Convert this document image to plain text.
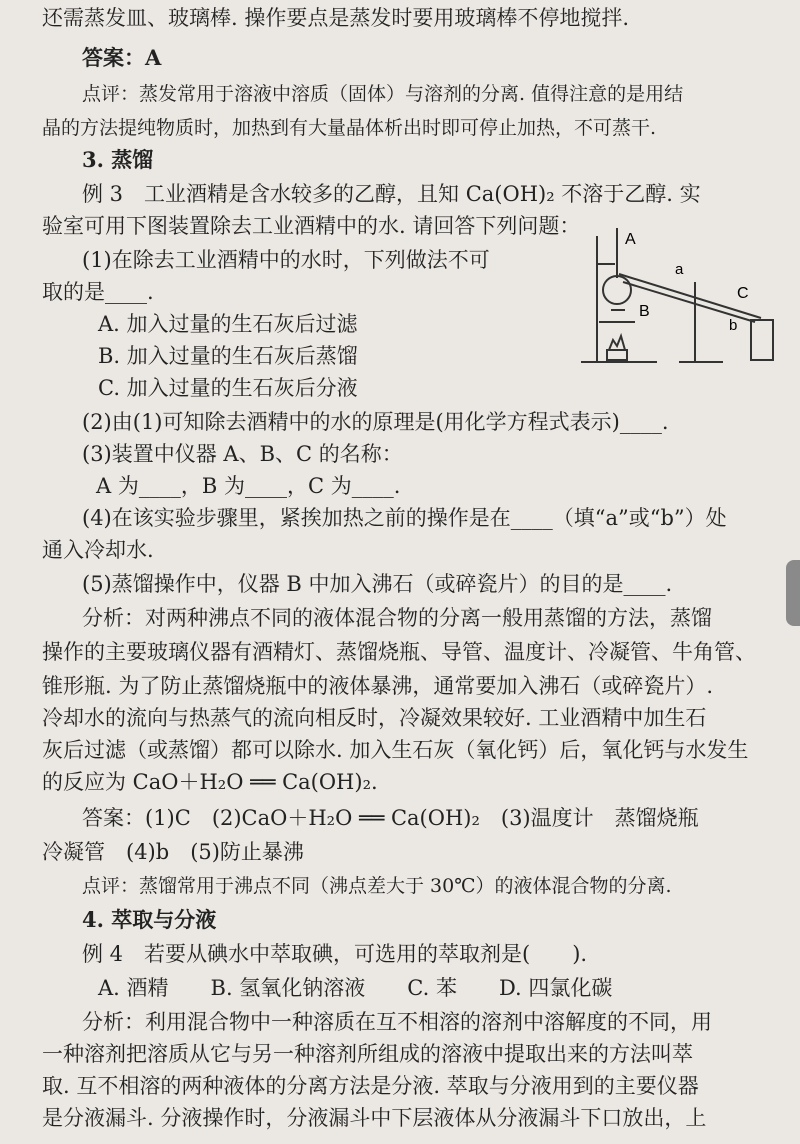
还需蒸发皿、玻璃棒. 操作要点是蒸发时要用玻璃棒不停地搅拌.
答案：A
点评：蒸发常用于溶液中溶质（固体）与溶剂的分离. 值得注意的是用结
晶的方法提纯物质时，加热到有大量晶体析出时即可停止加热，不可蒸干.
3. 蒸馏
例 3　工业酒精是含水较多的乙醇，且知 Ca(OH)₂ 不溶于乙醇. 实
验室可用下图装置除去工业酒精中的水. 请回答下列问题：
(1)在除去工业酒精中的水时，下列做法不可
取的是____.
A. 加入过量的生石灰后过滤
B. 加入过量的生石灰后蒸馏
C. 加入过量的生石灰后分液
(2)由(1)可知除去酒精中的水的原理是(用化学方程式表示)____.
(3)装置中仪器 A、B、C 的名称：
A 为____，B 为____，C 为____.
(4)在该实验步骤里，紧挨加热之前的操作是在____（填“a”或“b”）处
通入冷却水.
(5)蒸馏操作中，仪器 B 中加入沸石（或碎瓷片）的目的是____.
分析：对两种沸点不同的液体混合物的分离一般用蒸馏的方法，蒸馏
操作的主要玻璃仪器有酒精灯、蒸馏烧瓶、导管、温度计、冷凝管、牛角管、
锥形瓶. 为了防止蒸馏烧瓶中的液体暴沸，通常要加入沸石（或碎瓷片）.
冷却水的流向与热蒸气的流向相反时，冷凝效果较好. 工业酒精中加生石
灰后过滤（或蒸馏）都可以除水. 加入生石灰（氧化钙）后，氧化钙与水发生
的反应为 CaO＋H₂O ══ Ca(OH)₂.
答案：(1)C　(2)CaO＋H₂O ══ Ca(OH)₂　(3)温度计　蒸馏烧瓶
冷凝管　(4)b　(5)防止暴沸
点评：蒸馏常用于沸点不同（沸点差大于 30℃）的液体混合物的分离.
4. 萃取与分液
例 4　若要从碘水中萃取碘，可选用的萃取剂是(　　).
A. 酒精　　B. 氢氧化钠溶液　　C. 苯　　D. 四氯化碳
分析：利用混合物中一种溶质在互不相溶的溶剂中溶解度的不同，用
一种溶剂把溶质从它与另一种溶剂所组成的溶液中提取出来的方法叫萃
取. 互不相溶的两种液体的分离方法是分液. 萃取与分液用到的主要仪器
是分液漏斗. 分液操作时，分液漏斗中下层液体从分液漏斗下口放出，上
A
B
a
C
b
